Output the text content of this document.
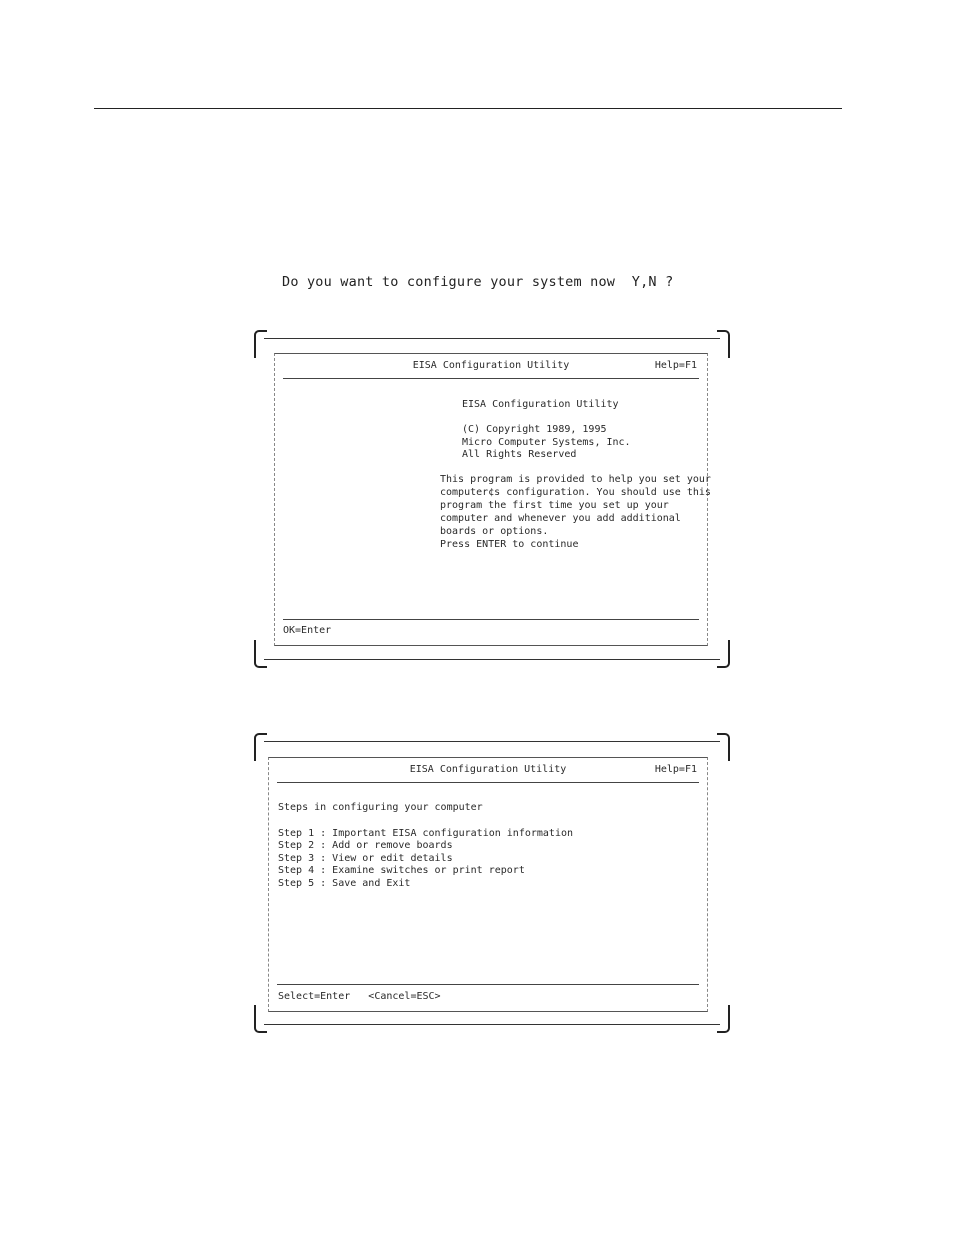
Do you want to configure your system now  Y,N ?
EISA Configuration Utility	Help=F1
EISA Configuration Utility
(C) Copyright 1989, 1995
Micro Computer Systems, Inc.
All Rights Reserved
This program is provided to help you set your
computer¢s configuration. You should use this
program the first time you set up your
computer and whenever you add additional
boards or options.
Press ENTER to continue
OK=Enter
EISA Configuration Utility	Help=F1
Steps in configuring your computer
Step 1 : Important EISA configuration information
Step 2 : Add or remove boards
Step 3 : View or edit details
Step 4 : Examine switches or print report
Step 5 : Save and Exit
Select=Enter   <Cancel=ESC>
